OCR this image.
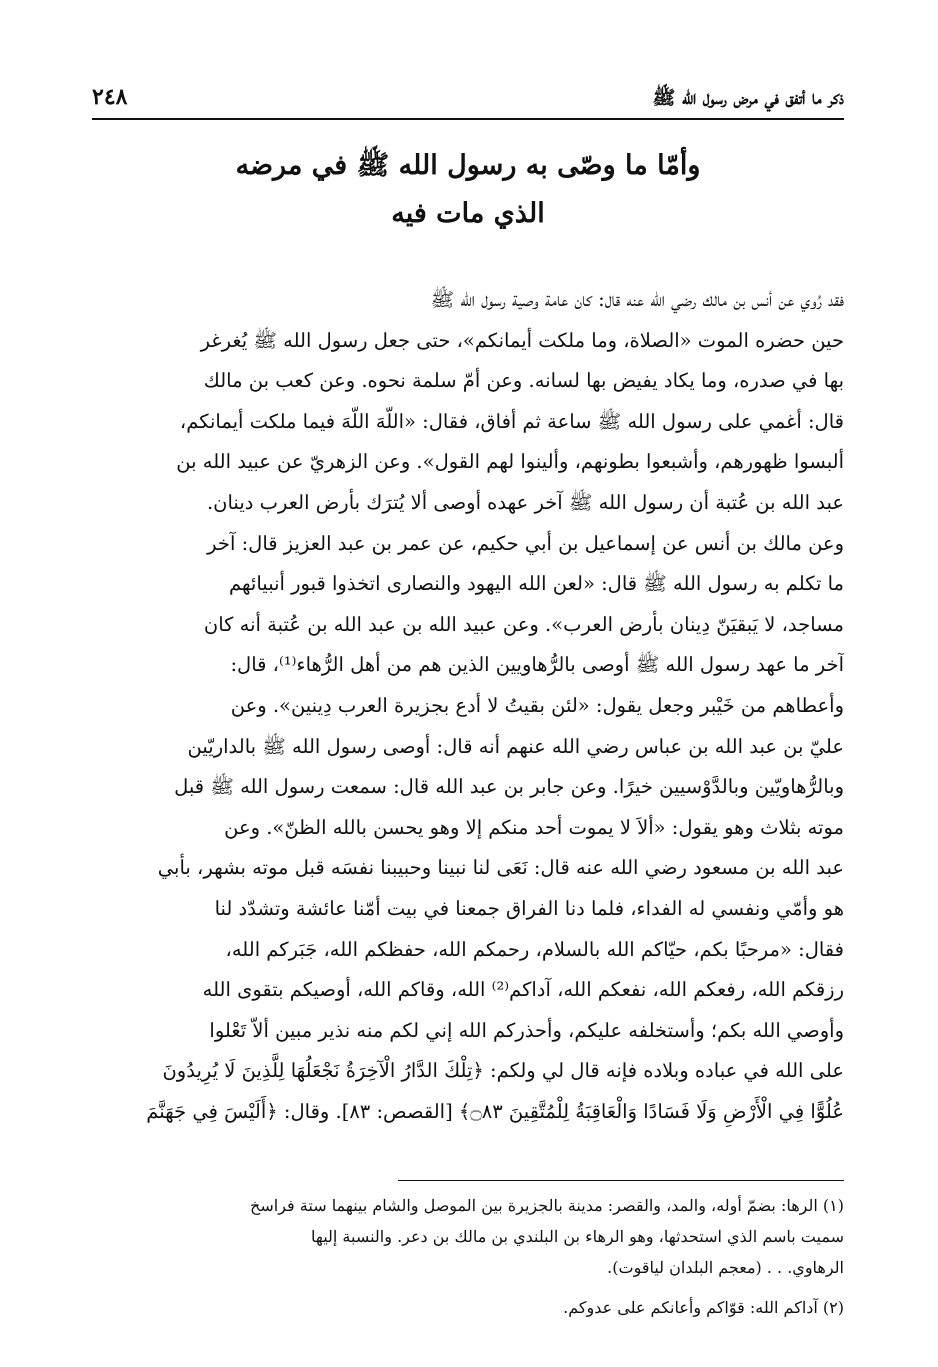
ذكر ما أتفق في مرض رسول الله ﷺ
٢٤٨
وأمّا ما وصّى به رسول الله ﷺ في مرضه
الذي مات فيه
فقد رُوي عن أنس بن مالك رضي الله عنه قال: كان عامة وصية رسول الله ﷺ
حين حضره الموت «الصلاة، وما ملكت أيمانكم»، حتى جعل رسول الله ﷺ يُغرغر
بها في صدره، وما يكاد يفيض بها لسانه. وعن أمّ سلمة نحوه. وعن كعب بن مالك
قال: أغمي على رسول الله ﷺ ساعة ثم أفاق، فقال: «اللّهَ اللّهَ فيما ملكت أيمانكم،
ألبسوا ظهورهم، وأشبعوا بطونهم، وألينوا لهم القول». وعن الزهريّ عن عبيد الله بن
عبد الله بن عُتبة أن رسول الله ﷺ آخر عهده أوصى ألا يُترَك بأرض العرب دينان.
وعن مالك بن أنس عن إسماعيل بن أبي حكيم، عن عمر بن عبد العزيز قال: آخر
ما تكلم به رسول الله ﷺ قال: «لعن الله اليهود والنصارى اتخذوا قبور أنبيائهم
مساجد، لا يَبقيَنّ دِينان بأرض العرب». وعن عبيد الله بن عبد الله بن عُتبة أنه كان
آخر ما عهد رسول الله ﷺ أوصى بالرُّهاويين الذين هم من أهل الرُّهاء⁽¹⁾، قال:
وأعطاهم من خَيْبر وجعل يقول: «لئن بقيتُ لا أدع بجزيرة العرب دِينين». وعن
عليّ بن عبد الله بن عباس رضي الله عنهم أنه قال: أوصى رسول الله ﷺ بالداريّين
وبالرُّهاويّين وبالدَّوْسيين خيرًا. وعن جابر بن عبد الله قال: سمعت رسول الله ﷺ قبل
موته بثلاث وهو يقول: «ألاَ لا يموت أحد منكم إلا وهو يحسن بالله الظنّ». وعن
عبد الله بن مسعود رضي الله عنه قال: نَعَى لنا نبينا وحبيبنا نفسَه قبل موته بشهر، بأبي
هو وأمّي ونفسي له الفداء، فلما دنا الفراق جمعنا في بيت أمّنا عائشة وتشدّد لنا
فقال: «مرحبًا بكم، حيّاكم الله بالسلام، رحمكم الله، حفظكم الله، جَبَركم الله،
رزقكم الله، رفعكم الله، نفعكم الله، آداكم⁽²⁾ الله، وقاكم الله، أوصيكم بتقوى الله
وأوصي الله بكم؛ وأستخلفه عليكم، وأحذركم الله إني لكم منه نذير مبين ألاّ تَعْلوا
على الله في عباده وبلاده فإنه قال لي ولكم: ﴿تِلْكَ الدَّارُ الْآخِرَةُ نَجْعَلُهَا لِلَّذِينَ لَا يُرِيدُونَ
عُلُوًّا فِي الْأَرْضِ وَلَا فَسَادًا وَالْعَاقِبَةُ لِلْمُتَّقِينَ ۝٨٣﴾ [القصص: ٨٣]. وقال: ﴿أَلَيْسَ فِي جَهَنَّمَ
(١) الرها: بضمّ أوله، والمد، والقصر: مدينة بالجزيرة بين الموصل والشام بينهما ستة فراسخ
سميت باسم الذي استحدثها، وهو الرهاء بن البلندي بن مالك بن دعر. والنسبة إليها
الرهاوي. . . (معجم البلدان لياقوت).
(٢) آداكم الله: قوّاكم وأعانكم على عدوكم.
